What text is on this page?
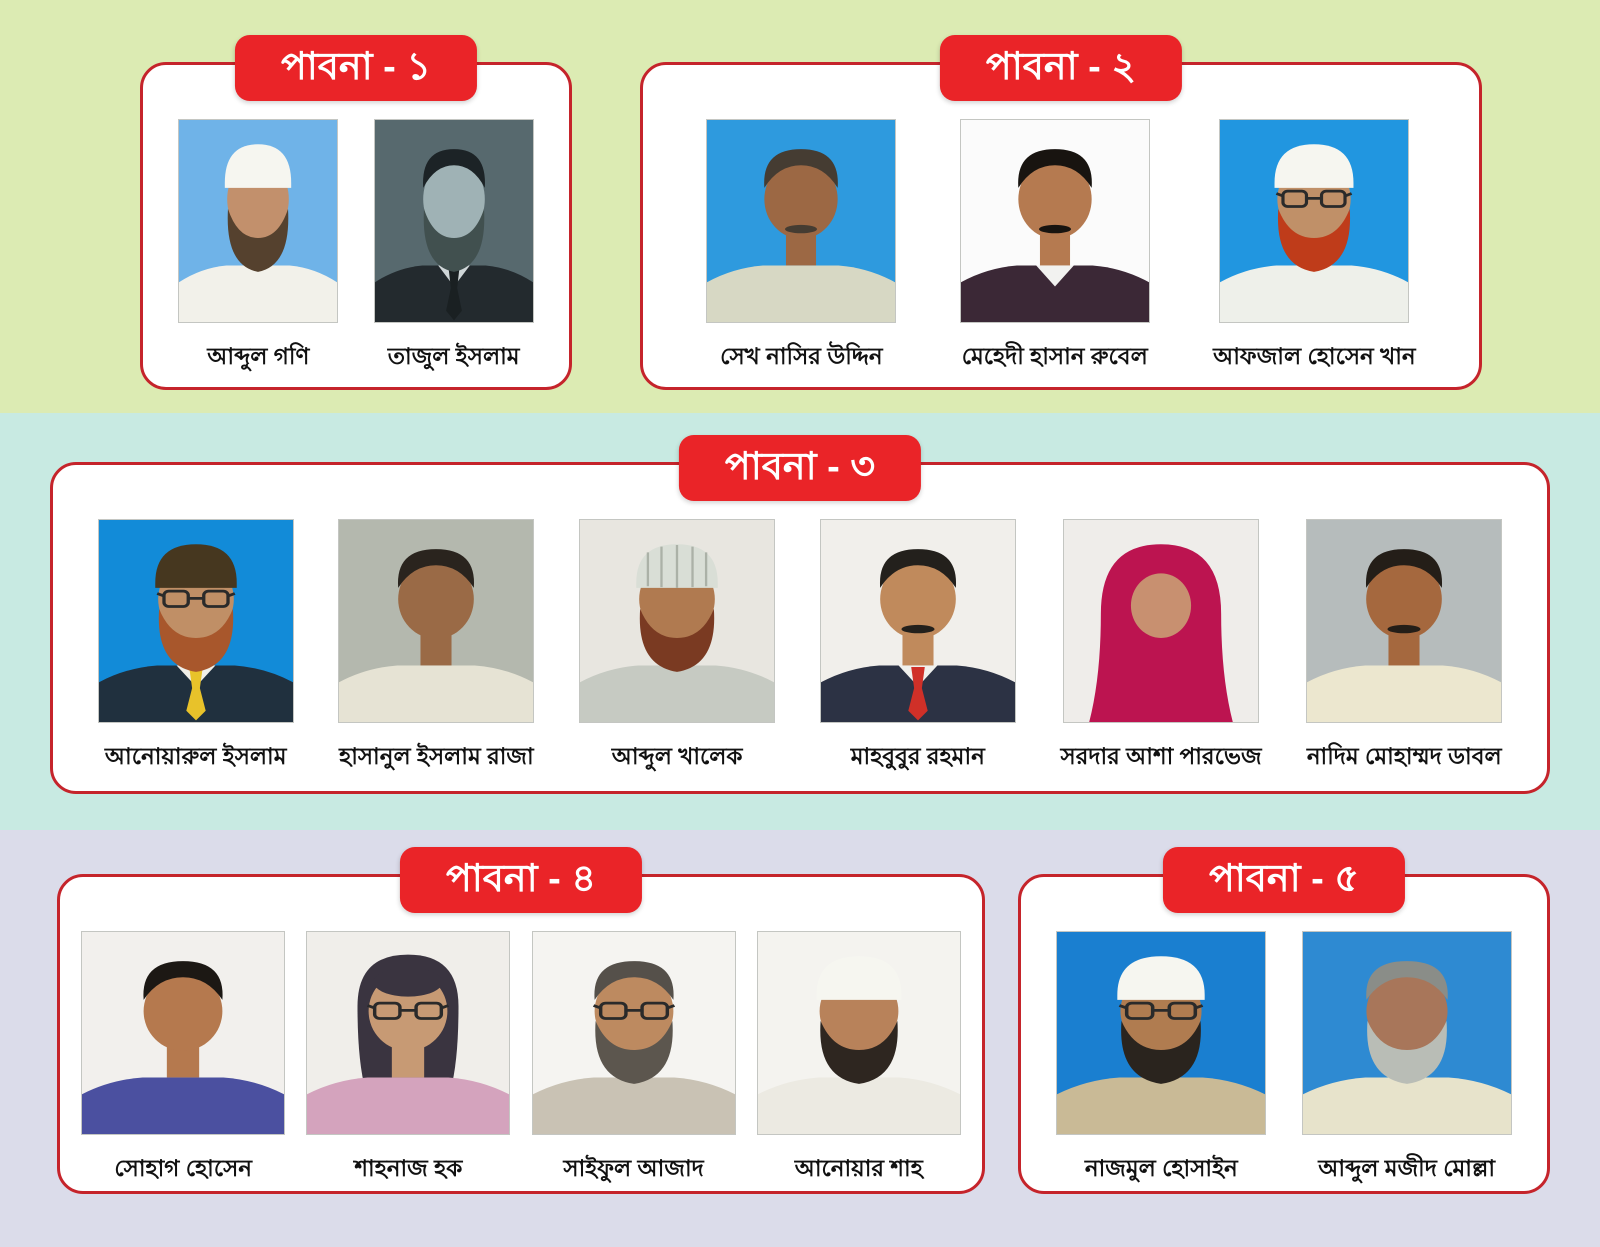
পাবনা - ১
আব্দুল গণি	তাজুল ইসলাম
পাবনা - ২
সেখ নাসির উদ্দিন	মেহেদী হাসান রুবেল	আফজাল হোসেন খান
পাবনা - ৩
আনোয়ারুল ইসলাম হাসানুল ইসলাম রাজা	আব্দুল খালেক	মাহবুবুর রহমান	সরদার আশা পারভেজ নাদিম মোহাম্মদ ডাবল
পাবনা - ৪
সোহাগ হোসেন	শাহনাজ হক	সাইফুল আজাদ	আনোয়ার শাহ
পাবনা - ৫
নাজমুল হোসাইন	আব্দুল মজীদ মোল্লা
